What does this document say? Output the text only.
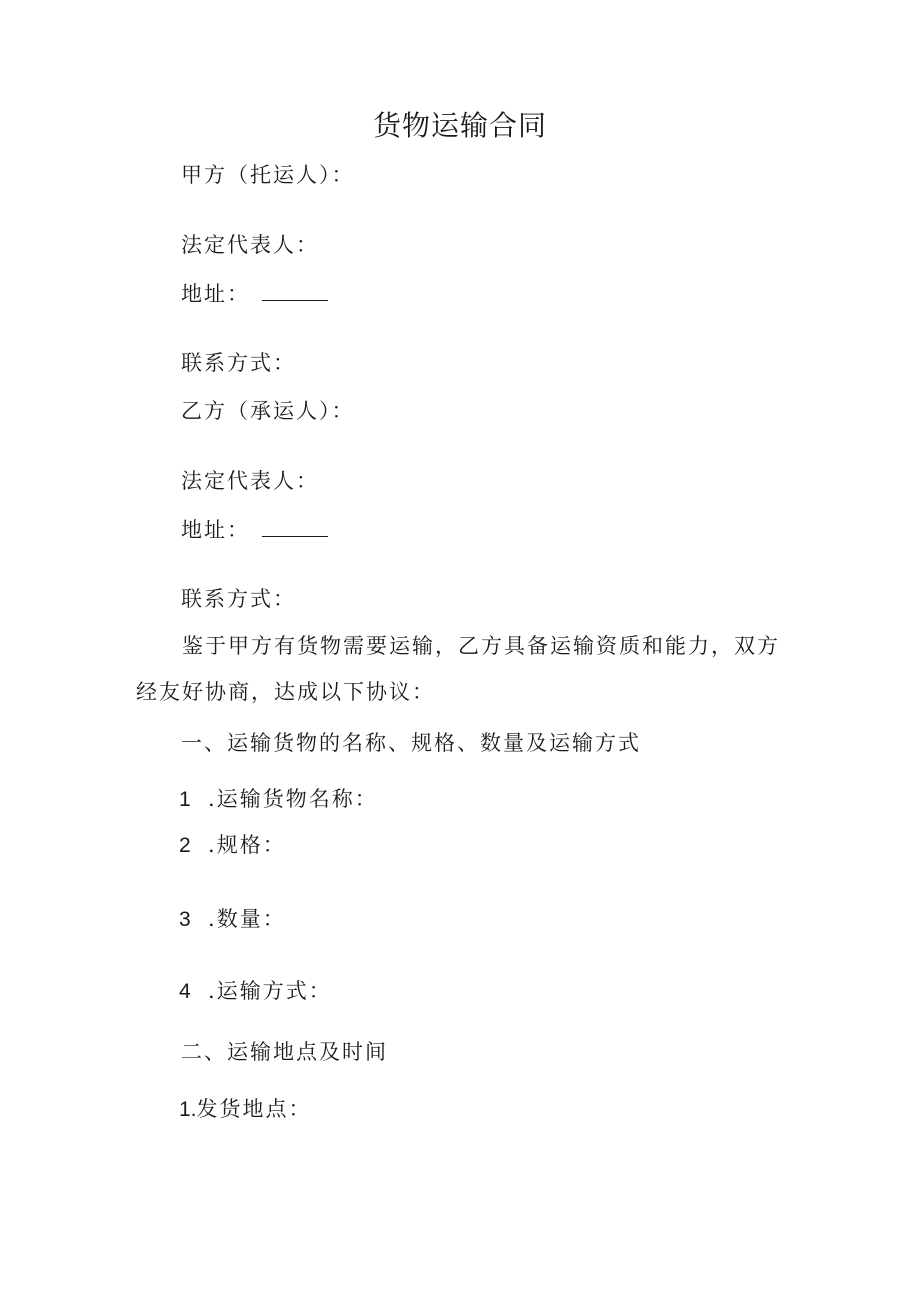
货物运输合同
甲方（托运人）：
法定代表人：
地址：
联系方式：
乙方（承运人）：
法定代表人：
地址：
联系方式：
鉴于甲方有货物需要运输，乙方具备运输资质和能力，双方经友好协商，达成以下协议：
一、运输货物的名称、规格、数量及运输方式
1 .运输货物名称：
2 .规格：
3 .数量：
4 .运输方式：
二、运输地点及时间
1.发货地点：
